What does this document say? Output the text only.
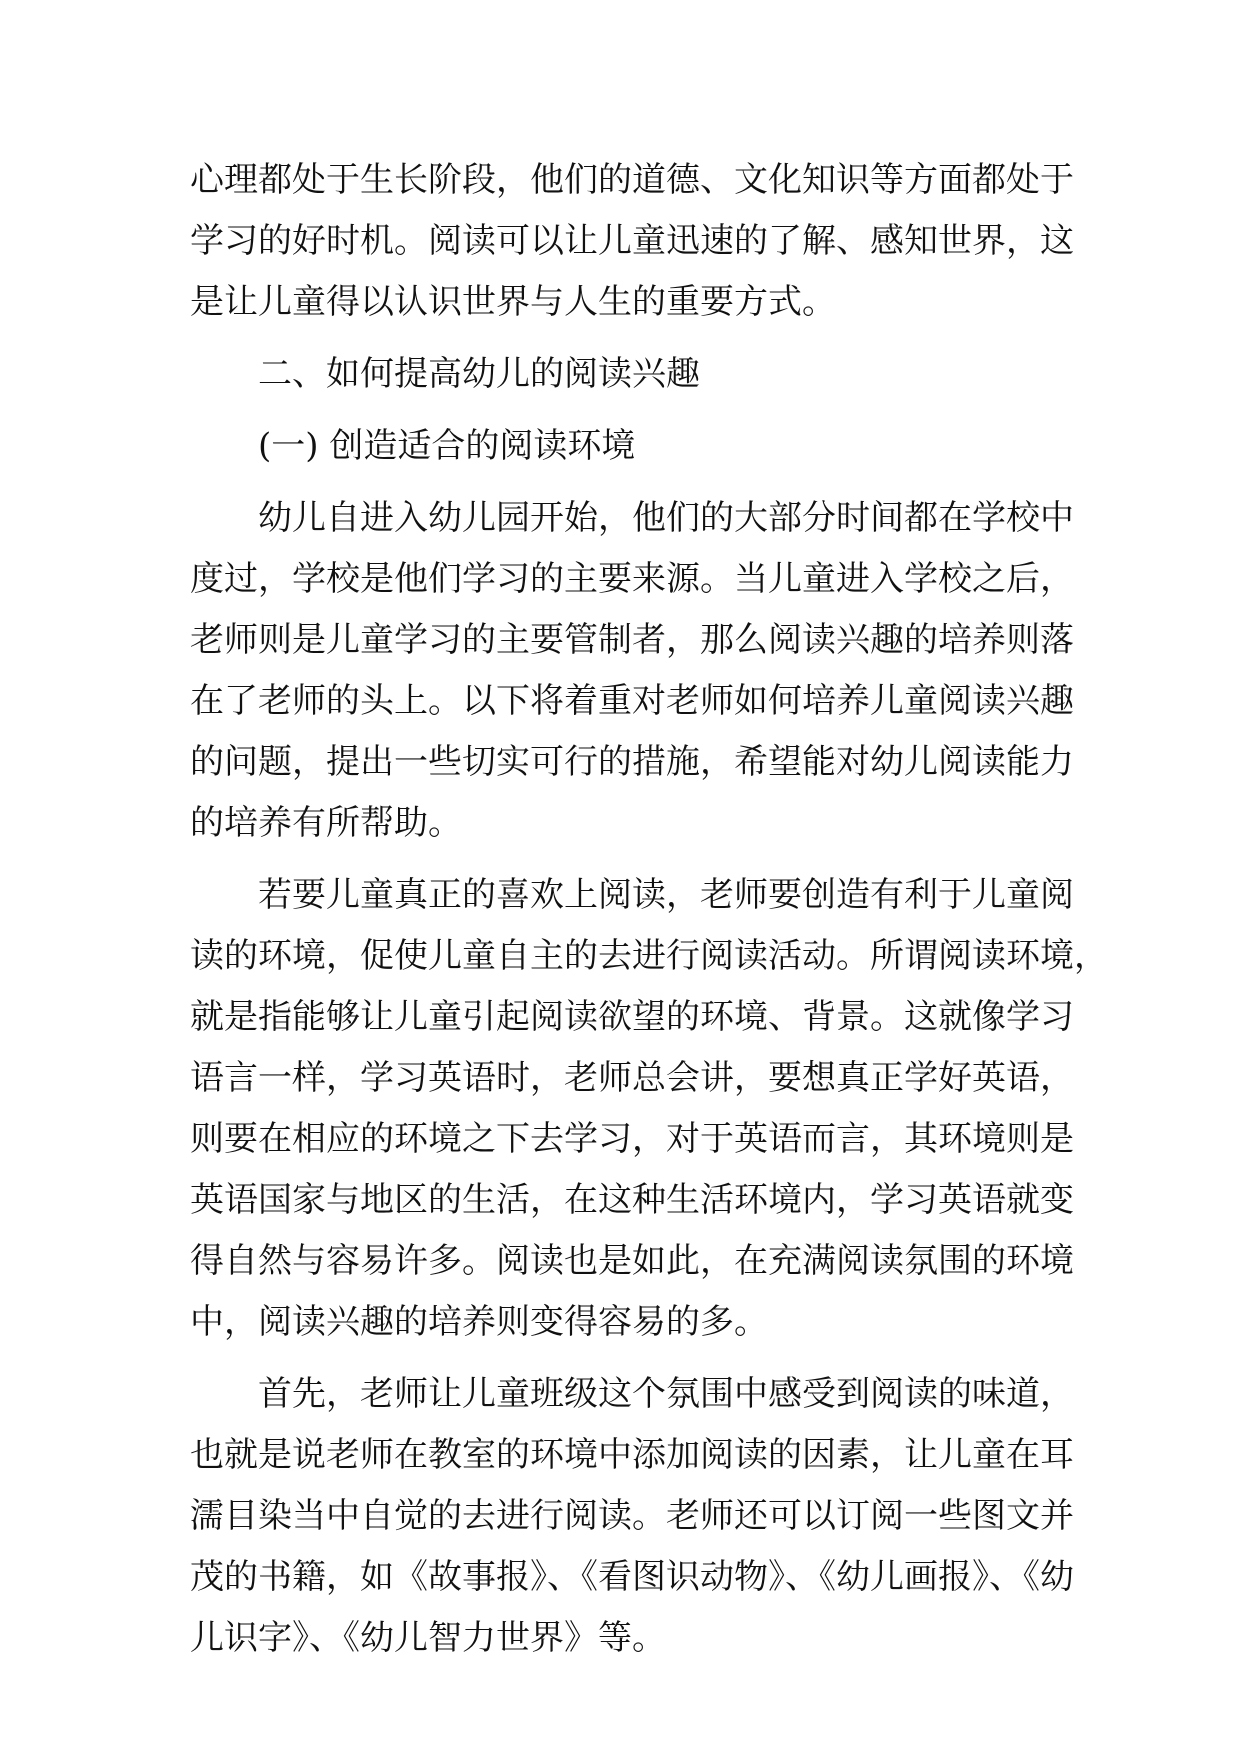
心理都处于生长阶段，他们的道德、文化知识等方面都处于
学习的好时机。阅读可以让儿童迅速的了解、感知世界，这
是让儿童得以认识世界与人生的重要方式。
二、如何提高幼儿的阅读兴趣
(一) 创造适合的阅读环境
幼儿自进入幼儿园开始，他们的大部分时间都在学校中
度过，学校是他们学习的主要来源。当儿童进入学校之后，
老师则是儿童学习的主要管制者，那么阅读兴趣的培养则落
在了老师的头上。以下将着重对老师如何培养儿童阅读兴趣
的问题，提出一些切实可行的措施，希望能对幼儿阅读能力
的培养有所帮助。
若要儿童真正的喜欢上阅读，老师要创造有利于儿童阅
读的环境，促使儿童自主的去进行阅读活动。所谓阅读环境，
就是指能够让儿童引起阅读欲望的环境、背景。这就像学习
语言一样，学习英语时，老师总会讲，要想真正学好英语，
则要在相应的环境之下去学习，对于英语而言，其环境则是
英语国家与地区的生活，在这种生活环境内，学习英语就变
得自然与容易许多。阅读也是如此，在充满阅读氛围的环境
中，阅读兴趣的培养则变得容易的多。
首先，老师让儿童班级这个氛围中感受到阅读的味道，
也就是说老师在教室的环境中添加阅读的因素，让儿童在耳
濡目染当中自觉的去进行阅读。老师还可以订阅一些图文并
茂的书籍，如《故事报》、《看图识动物》、《幼儿画报》、《幼
儿识字》、《幼儿智力世界》等。
